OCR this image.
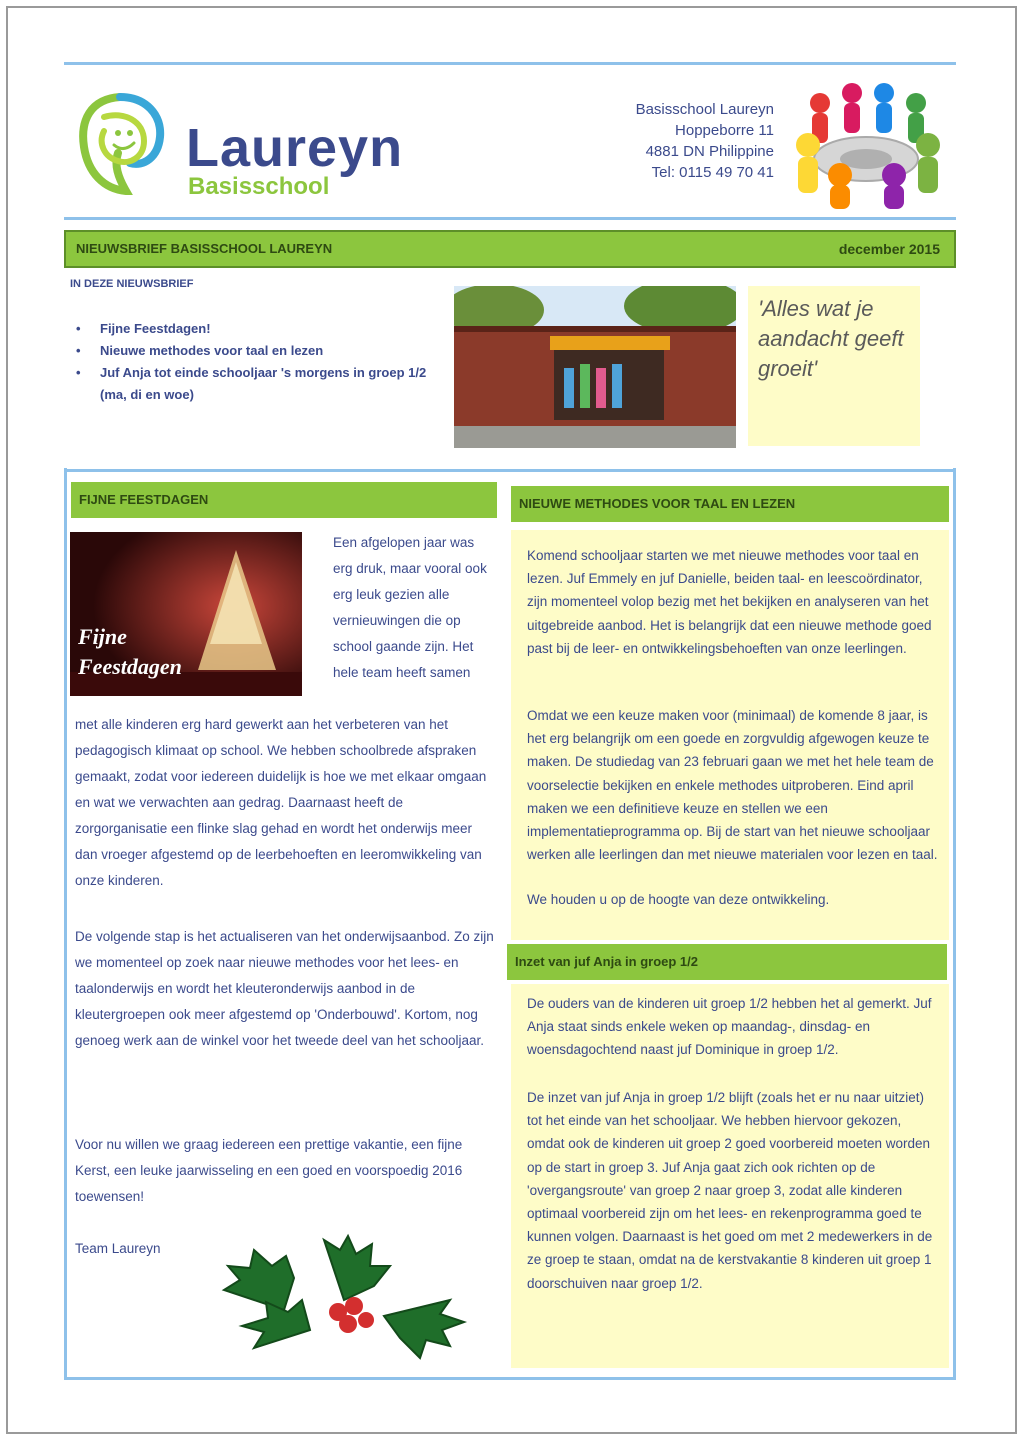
Laureyn
Basisschool
Basisschool Laureyn
Hoppeborre 11
4881 DN Philippine
Tel: 0115 49 70 41
NIEUWSBRIEF BASISSCHOOL LAUREYN	december 2015
IN DEZE NIEUWSBRIEF
• Fijne Feestdagen!
• Nieuwe methodes voor taal en lezen
• Juf Anja tot einde schooljaar 's morgens in groep 1/2 (ma, di en woe)
'Alles wat je aandacht geeft groeit'
FIJNE FEESTDAGEN
Een afgelopen jaar was erg druk, maar vooral ook erg leuk gezien alle vernieuwingen die op school gaande zijn. Het hele team heeft samen
met alle kinderen erg hard gewerkt aan het verbeteren van het pedagogisch klimaat op school. We hebben schoolbrede afspraken gemaakt, zodat voor iedereen duidelijk is hoe we met elkaar omgaan en wat we verwachten aan gedrag. Daarnaast heeft de zorgorganisatie een flinke slag gehad en wordt het onderwijs meer dan vroeger afgestemd op de leerbehoeften en leeromwikkeling van onze kinderen.
De volgende stap is het actualiseren van het onderwijsaanbod. Zo zijn we momenteel op zoek naar nieuwe methodes voor het lees- en taalonderwijs en wordt het kleuteronderwijs aanbod in de kleutergroepen ook meer afgestemd op 'Onderbouwd'. Kortom, nog genoeg werk aan de winkel voor het tweede deel van het schooljaar.
Voor nu willen we graag iedereen een prettige vakantie, een fijne Kerst, een leuke jaarwisseling en een goed en voorspoedig 2016 toewensen!
Team Laureyn
NIEUWE METHODES VOOR TAAL EN LEZEN
Komend schooljaar starten we met nieuwe methodes voor taal en lezen. Juf Emmely en juf Danielle, beiden taal- en leescoördinator, zijn momenteel volop bezig met het bekijken en analyseren van het uitgebreide aanbod. Het is belangrijk dat een nieuwe methode goed past bij de leer- en ontwikkelingsbehoeften van onze leerlingen.
Omdat we een keuze maken voor (minimaal) de komende 8 jaar, is het erg belangrijk om een goede en zorgvuldig afgewogen keuze te maken. De studiedag van 23 februari gaan we met het hele team de voorselectie bekijken en enkele methodes uitproberen. Eind april maken we een definitieve keuze en stellen we een implementatieprogramma op. Bij de start van het nieuwe schooljaar werken alle leerlingen dan met nieuwe materialen voor lezen en taal.
We houden u op de hoogte van deze ontwikkeling.
Inzet van juf Anja in groep 1/2
De ouders van de kinderen uit groep 1/2 hebben het al gemerkt. Juf Anja staat sinds enkele weken op maandag-, dinsdag- en woensdagochtend naast juf Dominique in groep 1/2.
De inzet van juf Anja in groep 1/2 blijft (zoals het er nu naar uitziet) tot het einde van het schooljaar. We hebben hiervoor gekozen, omdat ook de kinderen uit groep 2 goed voorbereid moeten worden op de start in groep 3. Juf Anja gaat zich ook richten op de 'overgangsroute' van groep 2 naar groep 3, zodat alle kinderen optimaal voorbereid zijn om het lees- en rekenprogramma goed te kunnen volgen. Daarnaast is het goed om met 2 medewerkers in de ze groep te staan, omdat na de kerstvakantie 8 kinderen uit groep 1 doorschuiven naar groep 1/2.
Fijne Feestdagen
